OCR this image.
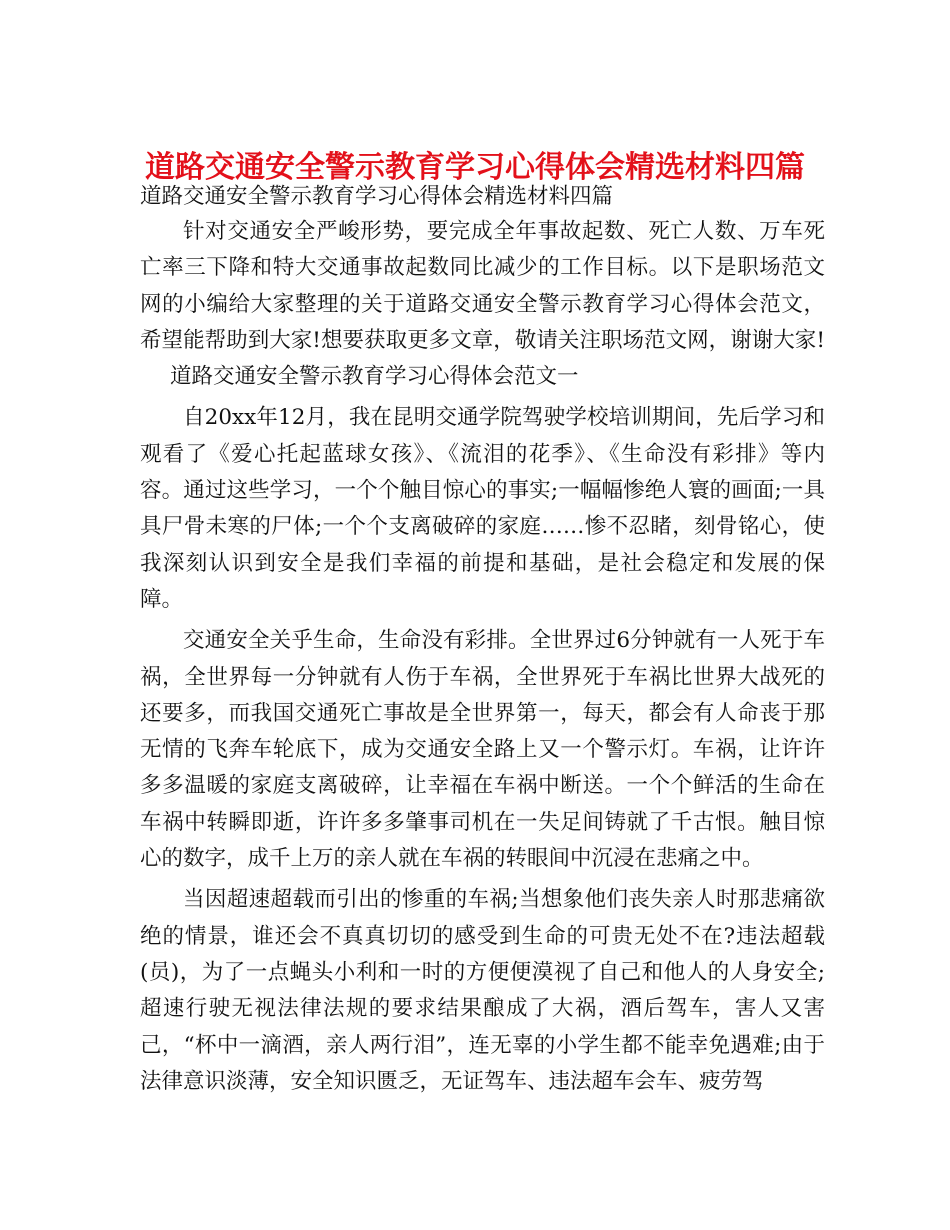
道路交通安全警示教育学习心得体会精选材料四篇

道路交通安全警示教育学习心得体会精选材料四篇

针对交通安全严峻形势，要完成全年事故起数、死亡人数、万车死亡率三下降和特大交通事故起数同比减少的工作目标。以下是职场范文网的小编给大家整理的关于道路交通安全警示教育学习心得体会范文，希望能帮助到大家!想要获取更多文章，敬请关注职场范文网，谢谢大家!道路交通安全警示教育学习心得体会范文一

自20xx年12月，我在昆明交通学院驾驶学校培训期间，先后学习和观看了《爱心托起蓝球女孩》、《流泪的花季》、《生命没有彩排》等内容。通过这些学习，一个个触目惊心的事实;一幅幅惨绝人寰的画面;一具具尸骨未寒的尸体;一个个支离破碎的家庭……惨不忍睹，刻骨铭心，使我深刻认识到安全是我们幸福的前提和基础，是社会稳定和发展的保障。

交通安全关乎生命，生命没有彩排。全世界过6分钟就有一人死于车祸，全世界每一分钟就有人伤于车祸，全世界死于车祸比世界大战死的还要多，而我国交通死亡事故是全世界第一，每天，都会有人命丧于那无情的飞奔车轮底下，成为交通安全路上又一个警示灯。车祸，让许许多多温暖的家庭支离破碎，让幸福在车祸中断送。一个个鲜活的生命在车祸中转瞬即逝，许许多多肇事司机在一失足间铸就了千古恨。触目惊心的数字，成千上万的亲人就在车祸的转眼间中沉浸在悲痛之中。

当因超速超载而引出的惨重的车祸;当想象他们丧失亲人时那悲痛欲绝的情景，谁还会不真真切切的感受到生命的可贵无处不在?违法超载(员)，为了一点蝇头小利和一时的方便便漠视了自己和他人的人身安全;超速行驶无视法律法规的要求结果酿成了大祸，酒后驾车，害人又害己，“杯中一滴酒，亲人两行泪”，连无辜的小学生都不能幸免遇难;由于法律意识淡薄，安全知识匮乏，无证驾车、违法超车会车、疲劳驾
